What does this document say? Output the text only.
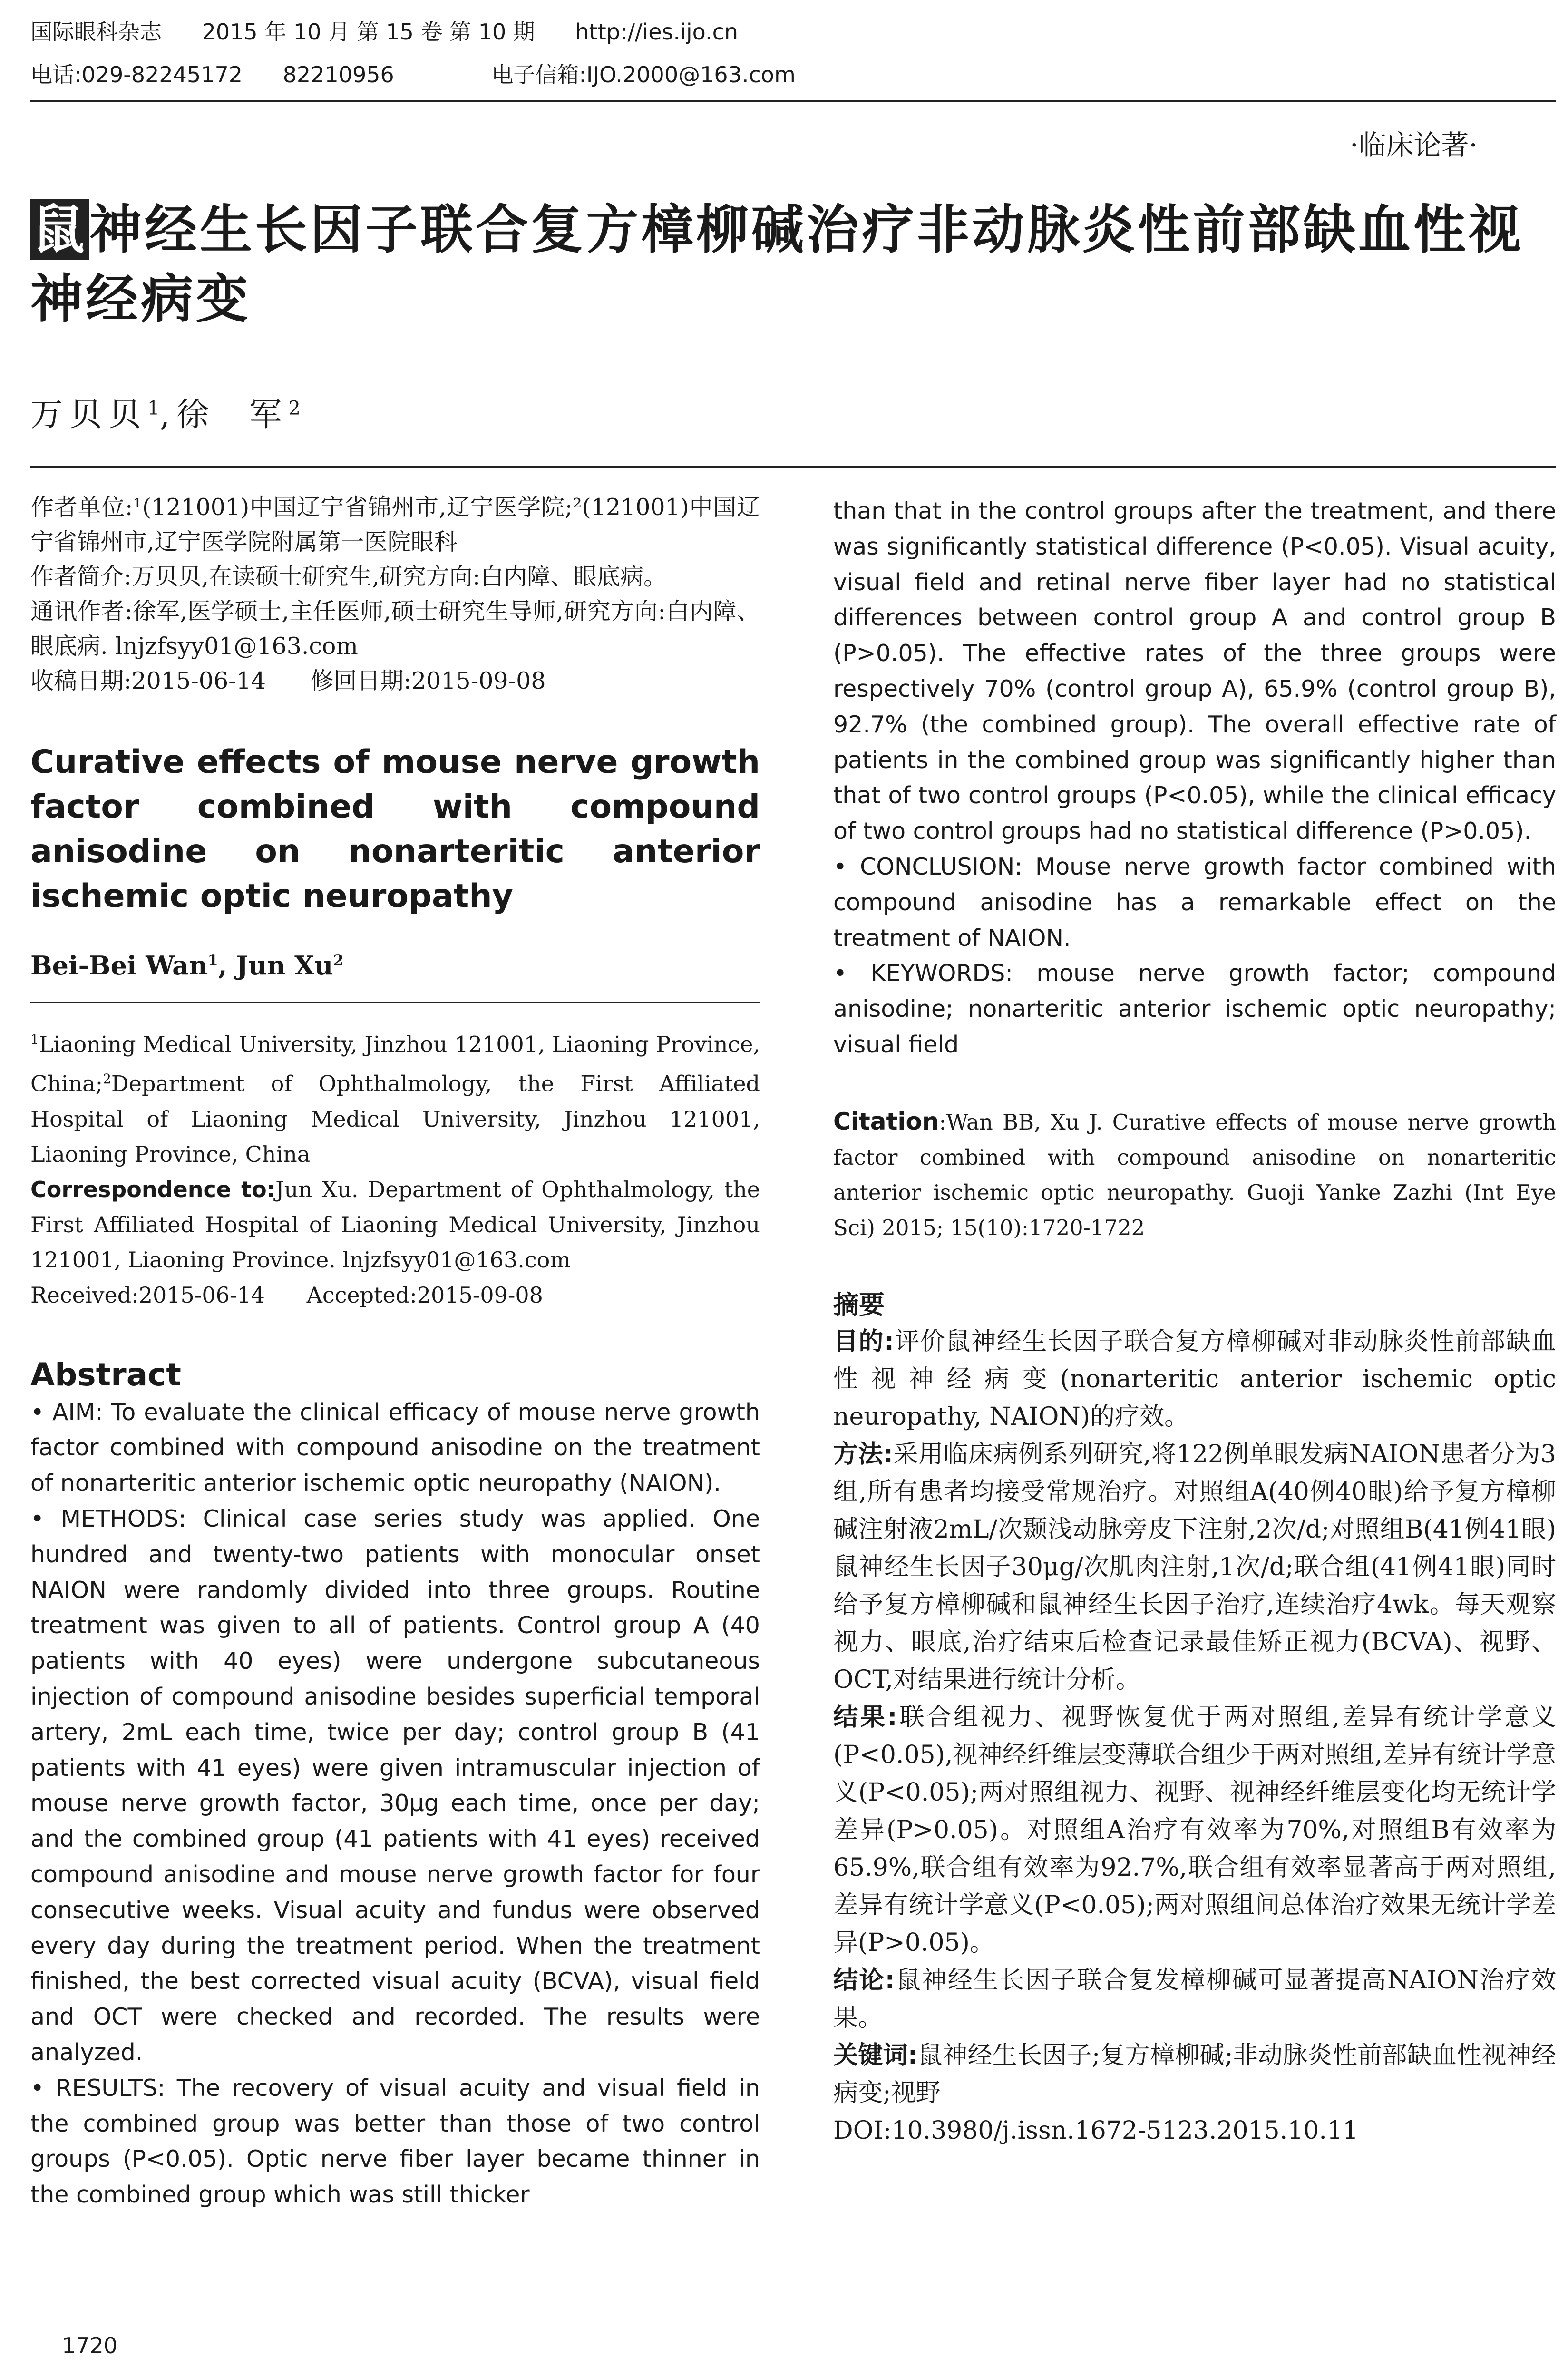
国际眼科杂志 2015 年 10 月 第 15 卷 第 10 期 http://ies.ijo.cn
电话:029-82245172 82210956	电子信箱:IJO.2000@163.com
·临床论著·
鼠神经生长因子联合复方樟柳碱治疗非动脉炎性前部缺血性视神经病变
万贝贝$^1$,徐  军$^2$

作者单位:¹(121001)中国辽宁省锦州市,辽宁医学院;²(121001)中国辽宁省锦州市,辽宁医学院附属第一医院眼科

作者简介:万贝贝,在读硕士研究生,研究方向:白内障、眼底病。

通讯作者:徐军,医学硕士,主任医师,硕士研究生导师,研究方向:白内障、眼底病. lnjzfsyy01@163.com

收稿日期:2015-06-14      修回日期:2015-09-08

Curative effects of mouse nerve growth factor combined with compound anisodine on nonarteritic anterior ischemic optic neuropathy
Bei-Bei Wan$^1$, Jun Xu$^2$

$^1$Liaoning Medical University, Jinzhou 121001, Liaoning Province, China;$^2$Department of Ophthalmology, the First Affiliated Hospital of Liaoning Medical University, Jinzhou 121001, Liaoning Province, China

Correspondence to:Jun Xu. Department of Ophthalmology, the First Affiliated Hospital of Liaoning Medical University, Jinzhou 121001, Liaoning Province. lnjzfsyy01@163.com

Received:2015-06-14      Accepted:2015-09-08

Abstract

• AIM: To evaluate the clinical efficacy of mouse nerve growth factor combined with compound anisodine on the treatment of nonarteritic anterior ischemic optic neuropathy (NAION).

• METHODS: Clinical case series study was applied. One hundred and twenty-two patients with monocular onset NAION were randomly divided into three groups. Routine treatment was given to all of patients. Control group A (40 patients with 40 eyes) were undergone subcutaneous injection of compound anisodine besides superficial temporal artery, 2mL each time, twice per day; control group B (41 patients with 41 eyes) were given intramuscular injection of mouse nerve growth factor, 30μg each time, once per day; and the combined group (41 patients with 41 eyes) received compound anisodine and mouse nerve growth factor for four consecutive weeks. Visual acuity and fundus were observed every day during the treatment period. When the treatment finished, the best corrected visual acuity (BCVA), visual field and OCT were checked and recorded. The results were analyzed.

• RESULTS: The recovery of visual acuity and visual field in the combined group was better than those of two control groups (P<0.05). Optic nerve fiber layer became thinner in the combined group which was still thicker

than that in the control groups after the treatment, and there was significantly statistical difference (P<0.05). Visual acuity, visual field and retinal nerve fiber layer had no statistical differences between control group A and control group B (P>0.05). The effective rates of the three groups were respectively 70% (control group A), 65.9% (control group B), 92.7% (the combined group). The overall effective rate of patients in the combined group was significantly higher than that of two control groups (P<0.05), while the clinical efficacy of two control groups had no statistical difference (P>0.05).

• CONCLUSION: Mouse nerve growth factor combined with compound anisodine has a remarkable effect on the treatment of NAION.

• KEYWORDS: mouse nerve growth factor; compound anisodine; nonarteritic anterior ischemic optic neuropathy; visual field

Citation:Wan BB, Xu J. Curative effects of mouse nerve growth factor combined with compound anisodine on nonarteritic anterior ischemic optic neuropathy. Guoji Yanke Zazhi (Int Eye Sci) 2015; 15(10):1720-1722
摘要

目的:评价鼠神经生长因子联合复方樟柳碱对非动脉炎性前部缺血性视神经病变(nonarteritic anterior ischemic optic neuropathy, NAION)的疗效。

方法:采用临床病例系列研究,将122例单眼发病NAION患者分为3组,所有患者均接受常规治疗。对照组A(40例40眼)给予复方樟柳碱注射液2mL/次颞浅动脉旁皮下注射,2次/d;对照组B(41例41眼)鼠神经生长因子30μg/次肌肉注射,1次/d;联合组(41例41眼)同时给予复方樟柳碱和鼠神经生长因子治疗,连续治疗4wk。每天观察视力、眼底,治疗结束后检查记录最佳矫正视力(BCVA)、视野、OCT,对结果进行统计分析。

结果:联合组视力、视野恢复优于两对照组,差异有统计学意义(P<0.05),视神经纤维层变薄联合组少于两对照组,差异有统计学意义(P<0.05);两对照组视力、视野、视神经纤维层变化均无统计学差异(P>0.05)。对照组A治疗有效率为70%,对照组B有效率为65.9%,联合组有效率为92.7%,联合组有效率显著高于两对照组,差异有统计学意义(P<0.05);两对照组间总体治疗效果无统计学差异(P>0.05)。

结论:鼠神经生长因子联合复发樟柳碱可显著提高NAION治疗效果。

关键词:鼠神经生长因子;复方樟柳碱;非动脉炎性前部缺血性视神经病变;视野

DOI:10.3980/j.issn.1672-5123.2015.10.11

1720
